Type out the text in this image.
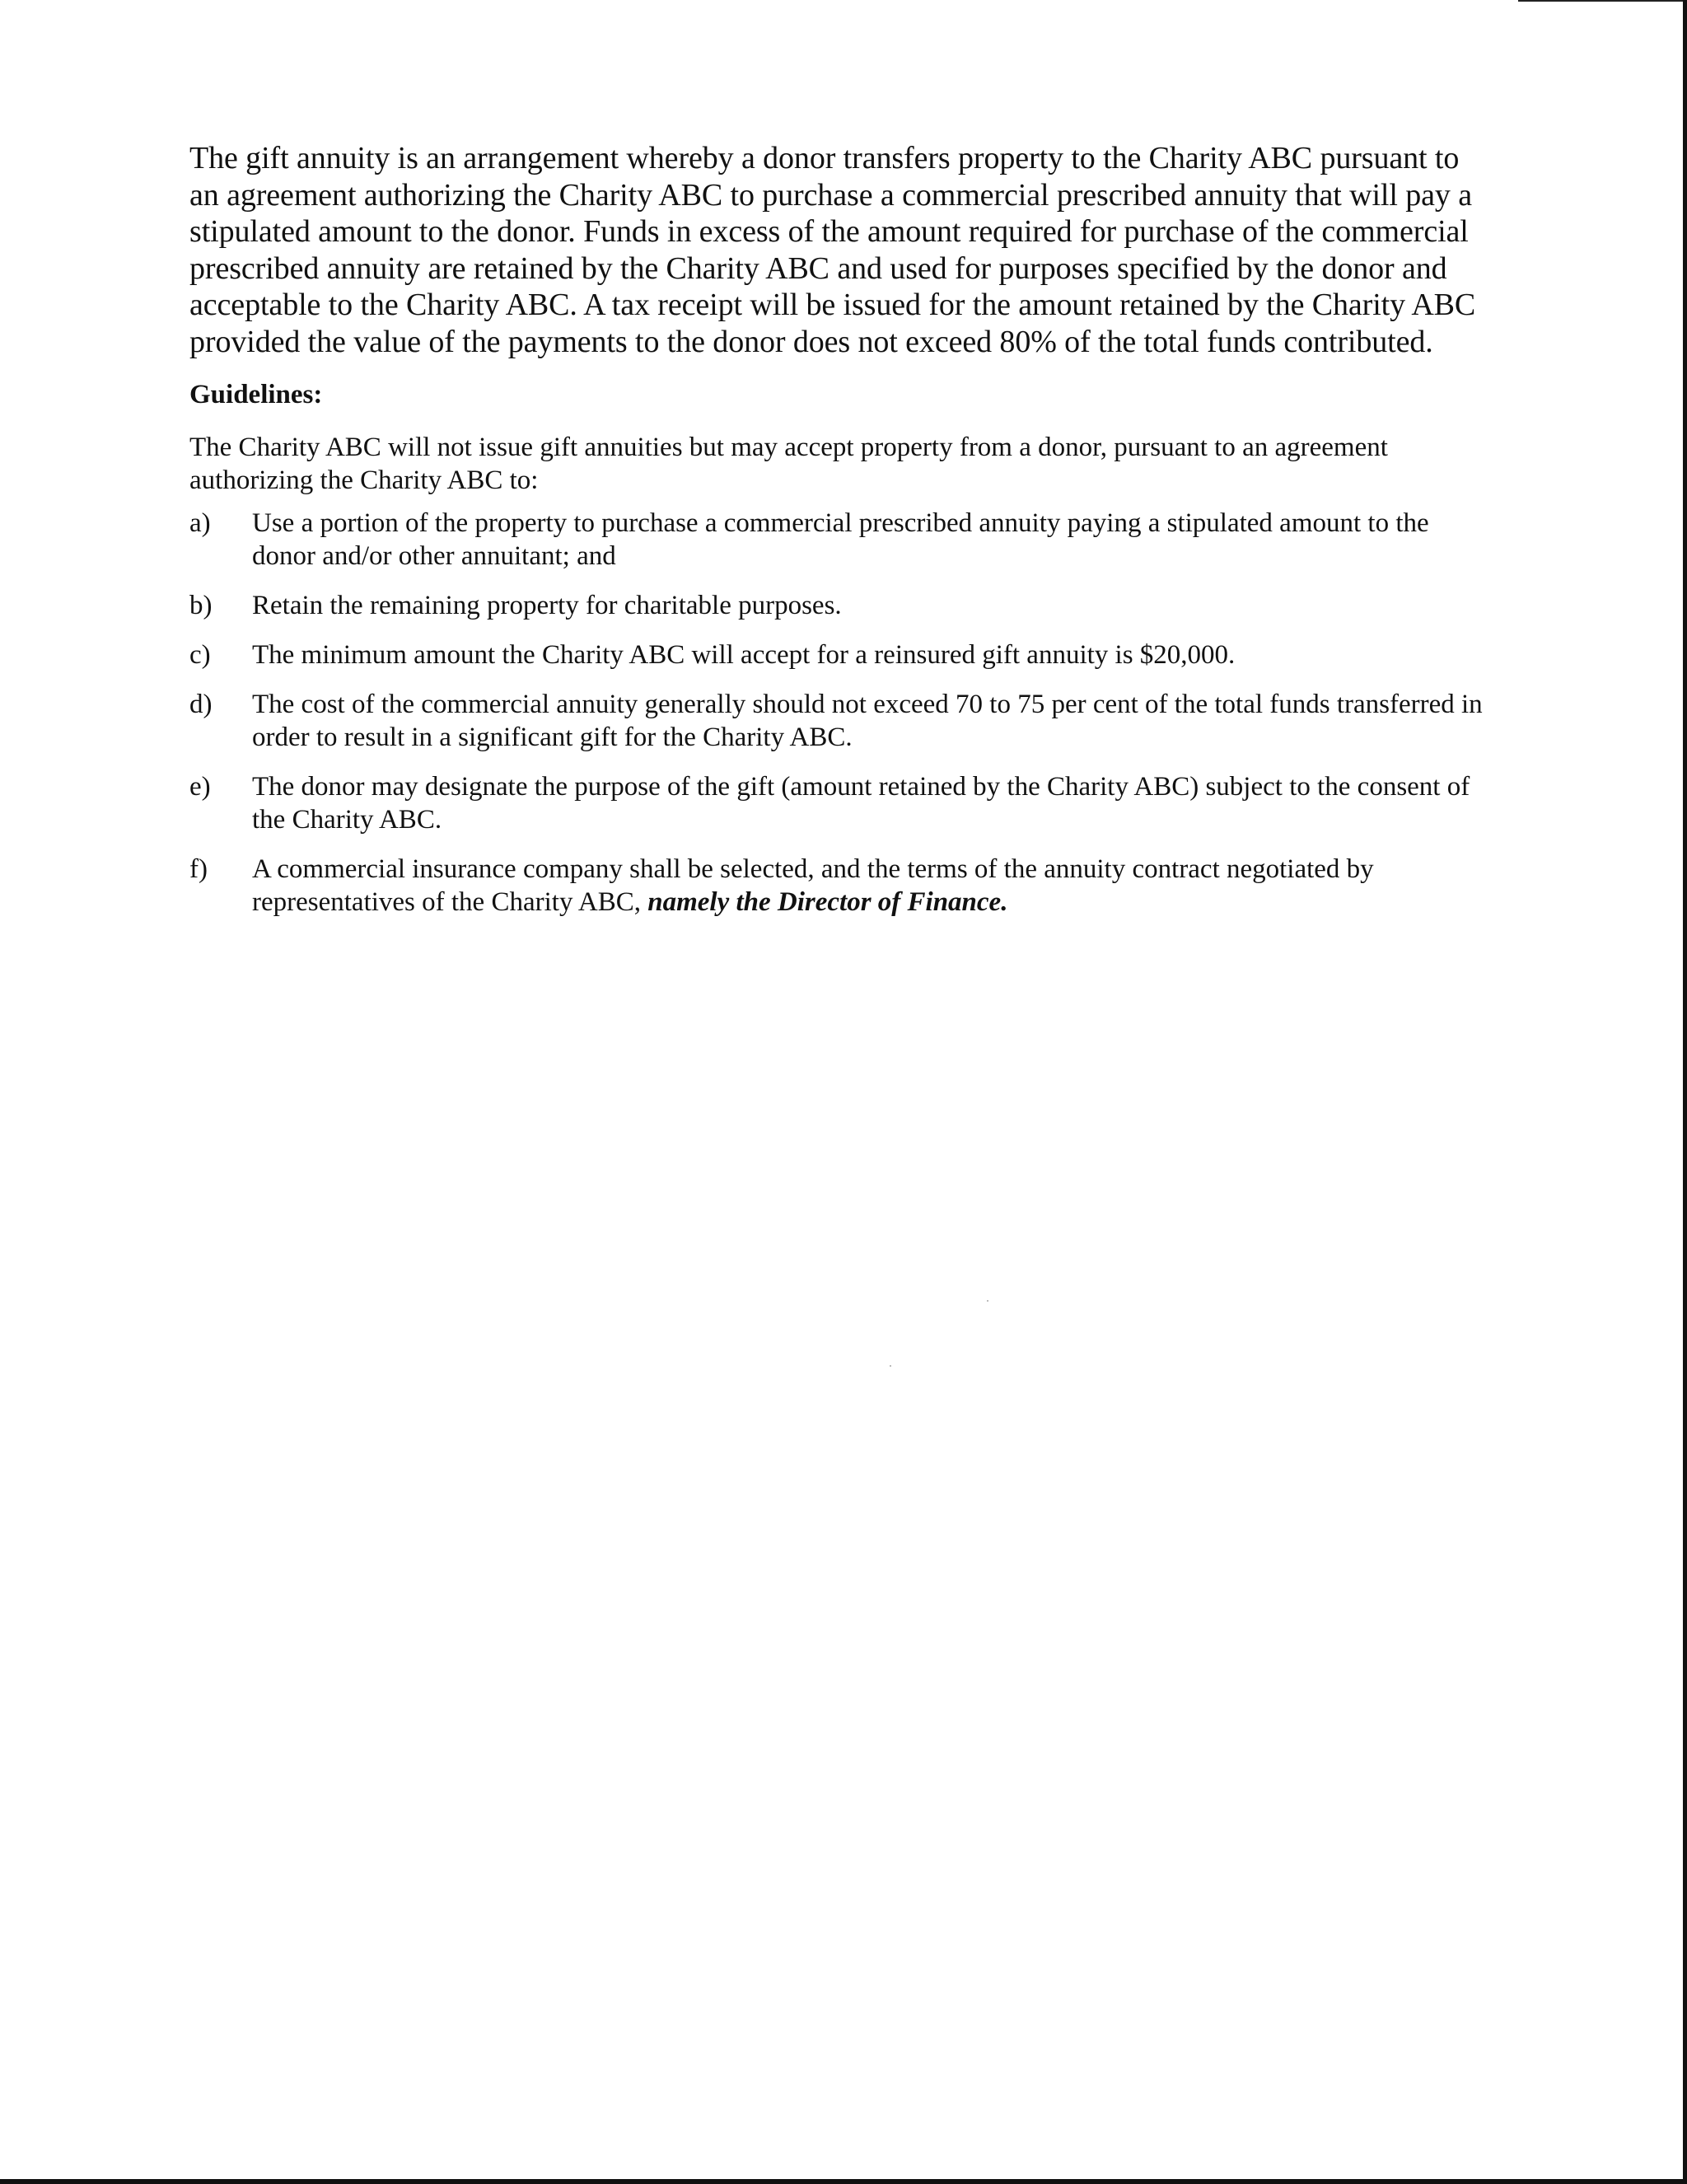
The gift annuity is an arrangement whereby a donor transfers property to the Charity ABC pursuant to an agreement authorizing the Charity ABC to purchase a commercial prescribed annuity that will pay a stipulated amount to the donor. Funds in excess of the amount required for purchase of the commercial prescribed annuity are retained by the Charity ABC and used for purposes specified by the donor and acceptable to the Charity ABC. A tax receipt will be issued for the amount retained by the Charity ABC provided the value of the payments to the donor does not exceed 80% of the total funds contributed.

Guidelines:

The Charity ABC will not issue gift annuities but may accept property from a donor, pursuant to an agreement authorizing the Charity ABC to:

a) Use a portion of the property to purchase a commercial prescribed annuity paying a stipulated amount to the donor and/or other annuitant; and
b) Retain the remaining property for charitable purposes.
c) The minimum amount the Charity ABC will accept for a reinsured gift annuity is $20,000.
d) The cost of the commercial annuity generally should not exceed 70 to 75 per cent of the total funds transferred in order to result in a significant gift for the Charity ABC.
e) The donor may designate the purpose of the gift (amount retained by the Charity ABC) subject to the consent of the Charity ABC.
f) A commercial insurance company shall be selected, and the terms of the annuity contract negotiated by representatives of the Charity ABC, namely the Director of Finance.
